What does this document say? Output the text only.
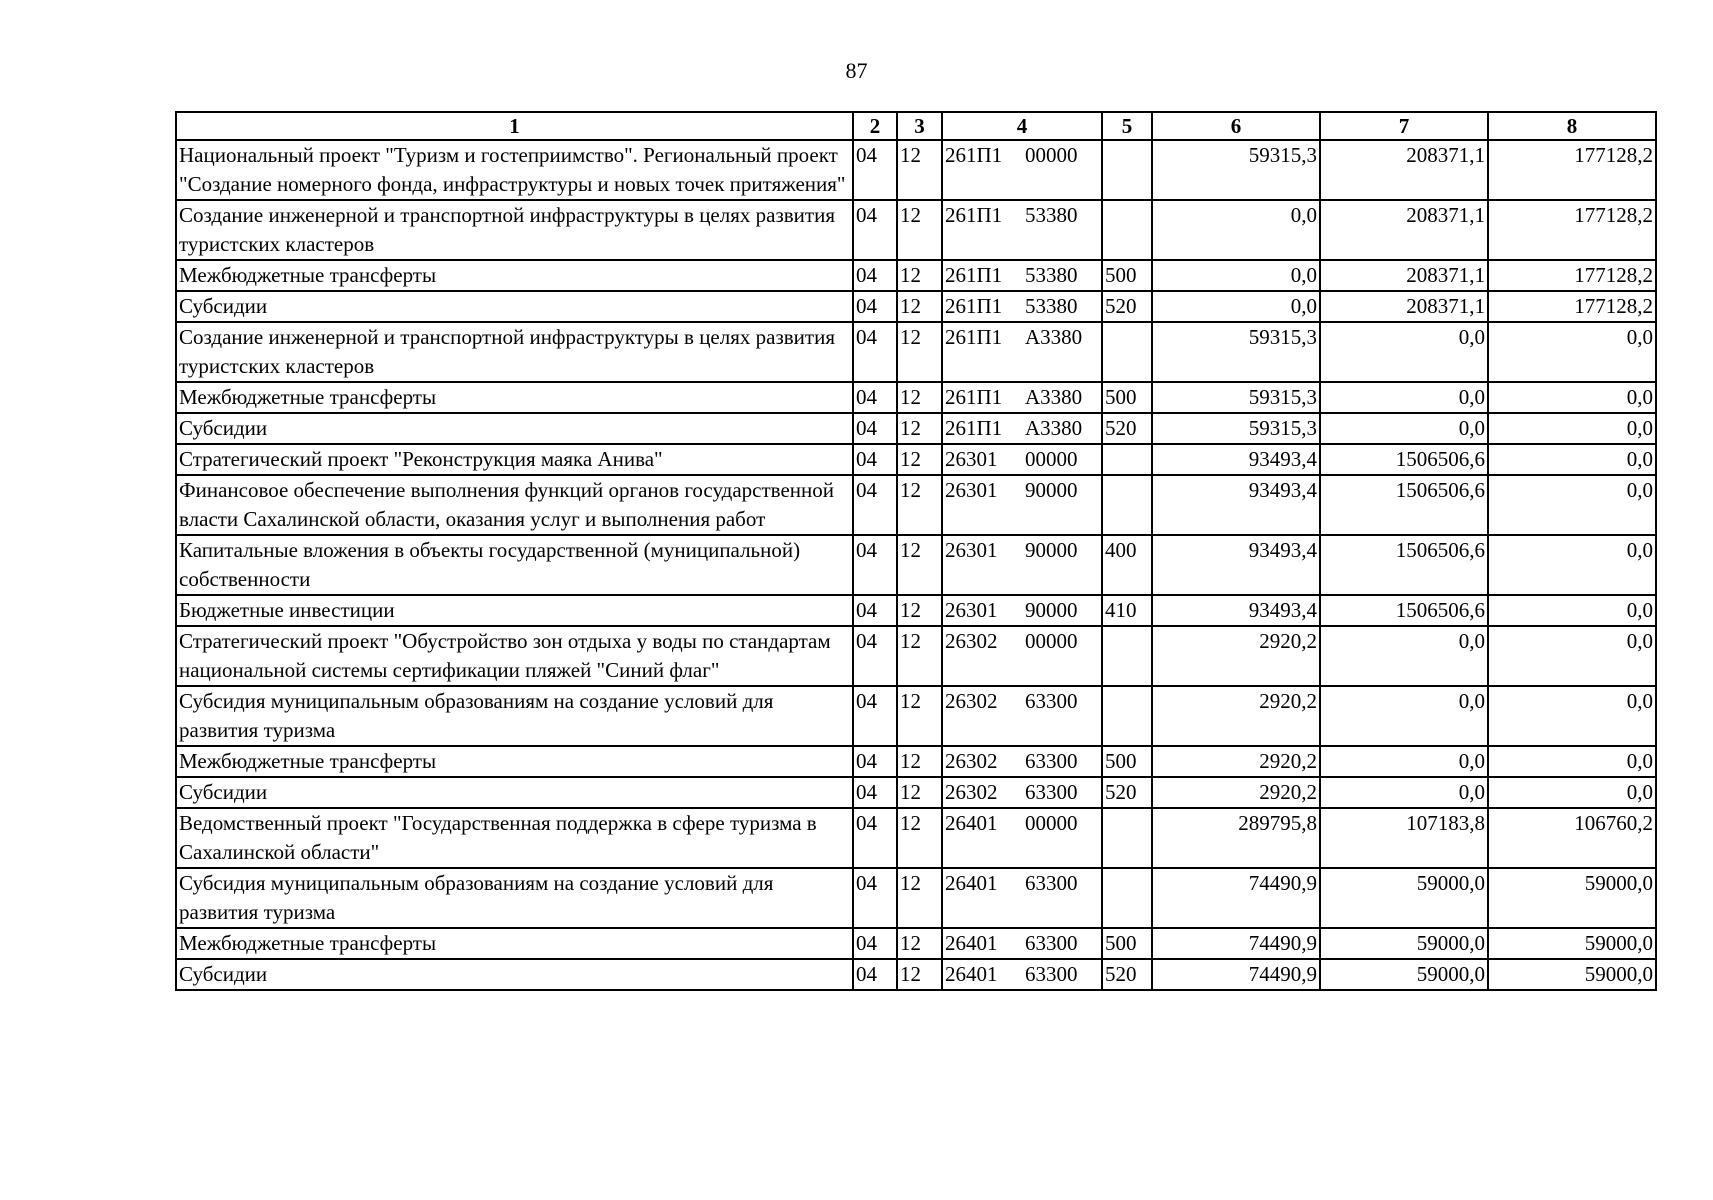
87
1	2	3	4	5	6	7	8
Национальный проект "Туризм и гостеприимство". Региональный проект "Создание номерного фонда, инфраструктуры и новых точек притяжения"	04	12	261П1 00000		59315,3	208371,1	177128,2
Создание инженерной и транспортной инфраструктуры в целях развития туристских кластеров	04	12	261П1 53380		0,0	208371,1	177128,2
Межбюджетные трансферты	04	12	261П1 53380	500	0,0	208371,1	177128,2
Субсидии	04	12	261П1 53380	520	0,0	208371,1	177128,2
Создание инженерной и транспортной инфраструктуры в целях развития туристских кластеров	04	12	261П1 А3380		59315,3	0,0	0,0
Межбюджетные трансферты	04	12	261П1 А3380	500	59315,3	0,0	0,0
Субсидии	04	12	261П1 А3380	520	59315,3	0,0	0,0
Стратегический проект "Реконструкция маяка Анива"	04	12	26301 00000		93493,4	1506506,6	0,0
Финансовое обеспечение выполнения функций органов государственной власти Сахалинской области, оказания услуг и выполнения работ	04	12	26301 90000		93493,4	1506506,6	0,0
Капитальные вложения в объекты государственной (муниципальной) собственности	04	12	26301 90000	400	93493,4	1506506,6	0,0
Бюджетные инвестиции	04	12	26301 90000	410	93493,4	1506506,6	0,0
Стратегический проект "Обустройство зон отдыха у воды по стандартам национальной системы сертификации пляжей "Синий флаг"	04	12	26302 00000		2920,2	0,0	0,0
Субсидия муниципальным образованиям на создание условий для развития туризма	04	12	26302 63300		2920,2	0,0	0,0
Межбюджетные трансферты	04	12	26302 63300	500	2920,2	0,0	0,0
Субсидии	04	12	26302 63300	520	2920,2	0,0	0,0
Ведомственный проект "Государственная поддержка в сфере туризма в Сахалинской области"	04	12	26401 00000		289795,8	107183,8	106760,2
Субсидия муниципальным образованиям на создание условий для развития туризма	04	12	26401 63300		74490,9	59000,0	59000,0
Межбюджетные трансферты	04	12	26401 63300	500	74490,9	59000,0	59000,0
Субсидии	04	12	26401 63300	520	74490,9	59000,0	59000,0
